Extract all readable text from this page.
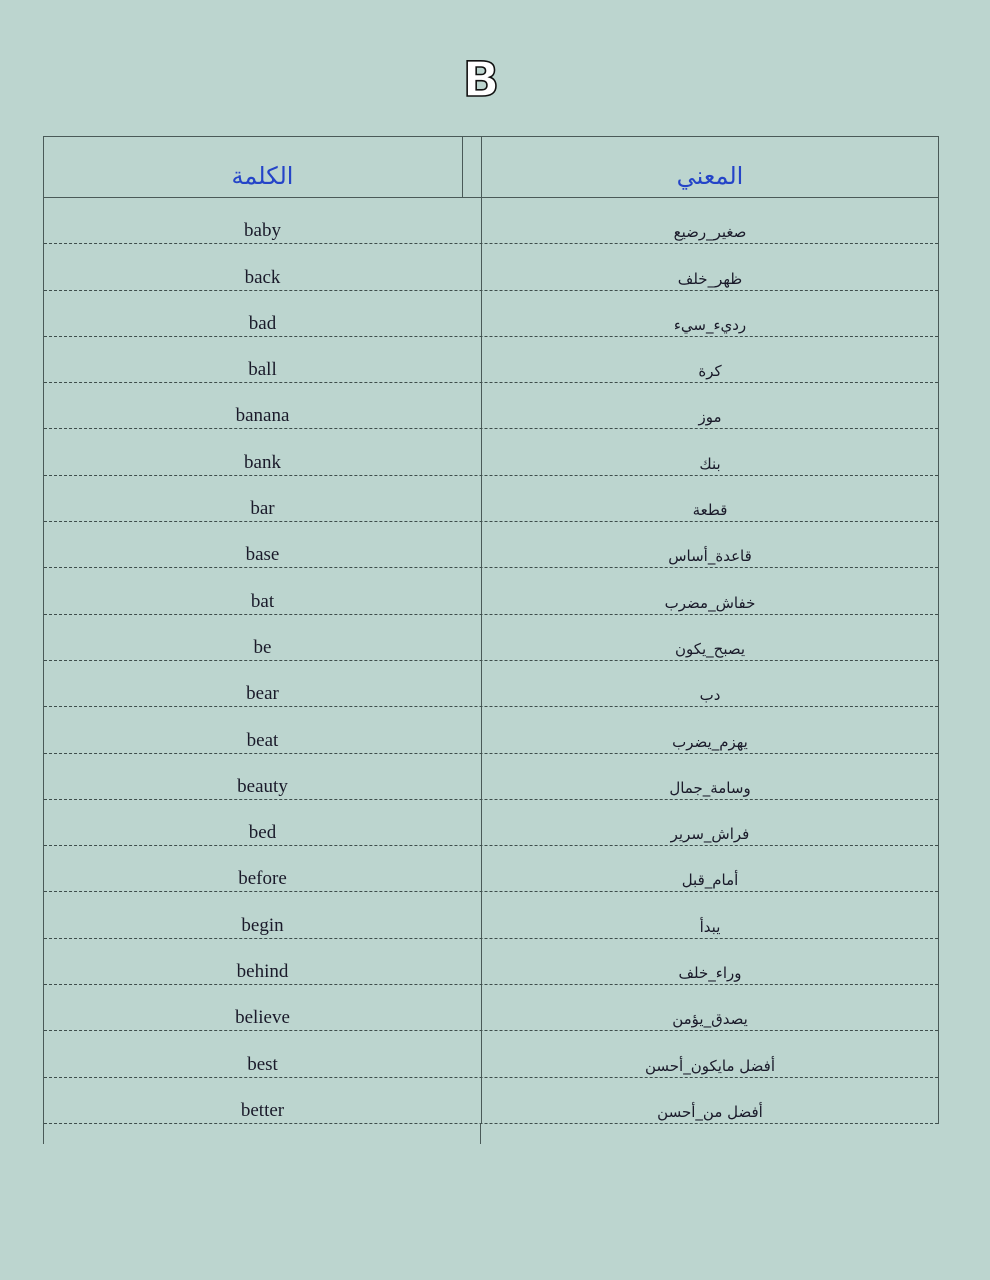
B
الكلمة	المعني
baby	صغير_رضيع
back	ظهر_خلف
bad	رديء_سيء
ball	كرة
banana	موز
bank	بنك
bar	قطعة
base	قاعدة_أساس
bat	خفاش_مضرب
be	يصبح_يكون
bear	دب
beat	يهزم_يضرب
beauty	وسامة_جمال
bed	فراش_سرير
before	أمام_قبل
begin	يبدأ
behind	وراء_خلف
believe	يصدق_يؤمن
best	أفضل مايكون_أحسن
better	أفضل من_أحسن
